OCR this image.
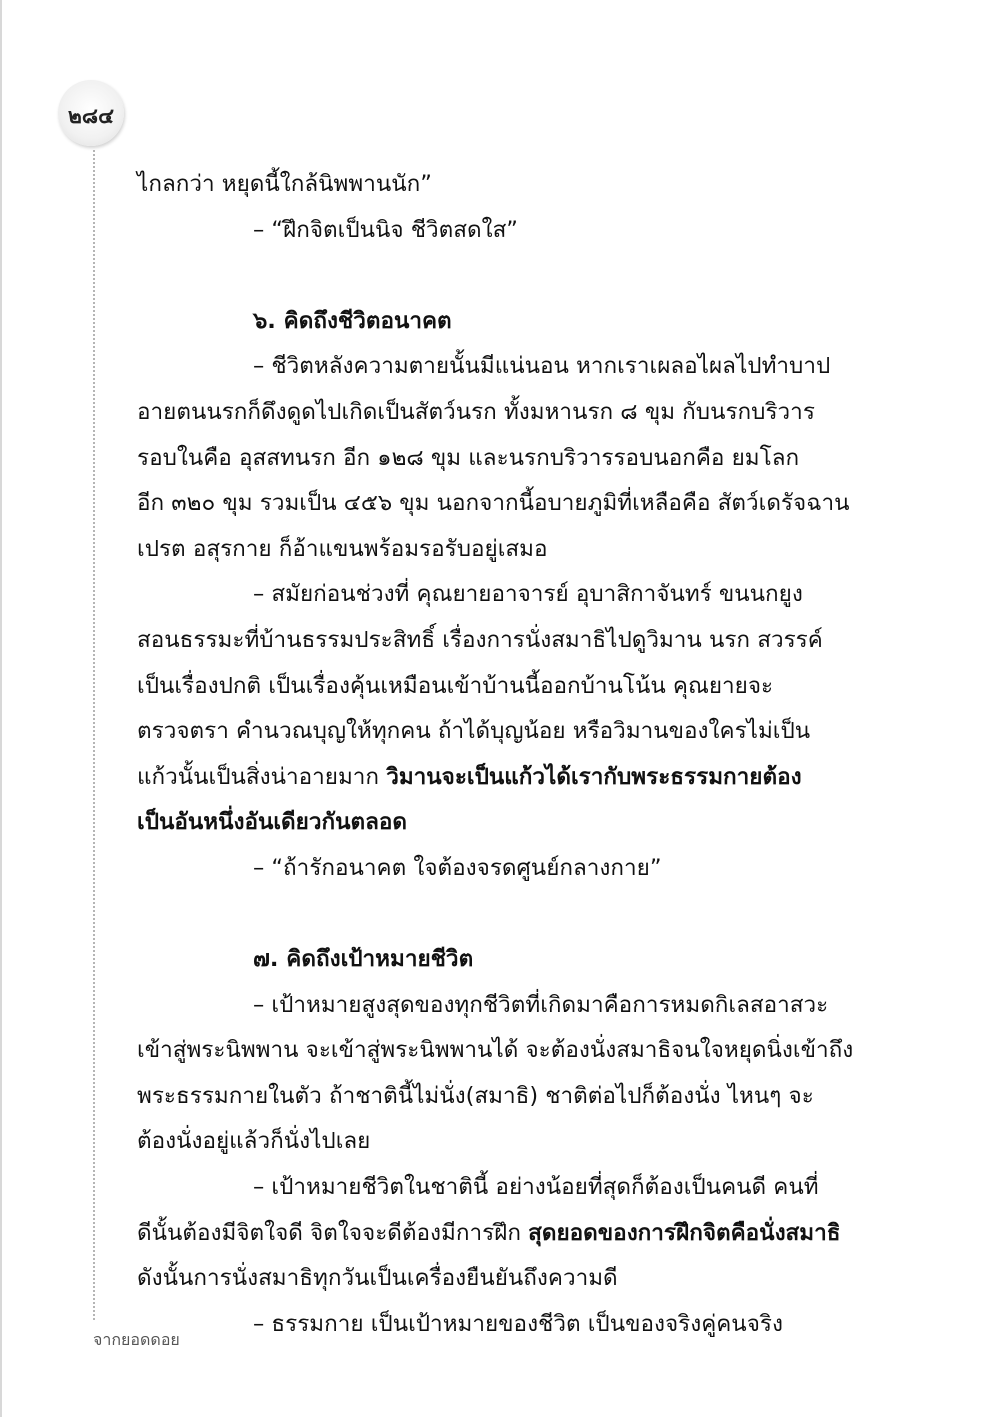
๒๘๔
ไกลกว่า หยุดนี้ใกล้นิพพานนัก”
– “ฝึกจิตเป็นนิจ ชีวิตสดใส”
๖. คิดถึงชีวิตอนาคต
– ชีวิตหลังความตายนั้นมีแน่นอน หากเราเผลอไผลไปทำบาป
อายตนนรกก็ดึงดูดไปเกิดเป็นสัตว์นรก ทั้งมหานรก ๘ ขุม กับนรกบริวาร
รอบในคือ อุสสทนรก อีก ๑๒๘ ขุม และนรกบริวารรอบนอกคือ ยมโลก
อีก ๓๒๐ ขุม รวมเป็น ๔๕๖ ขุม นอกจากนี้อบายภูมิที่เหลือคือ สัตว์เดรัจฉาน
เปรต อสุรกาย ก็อ้าแขนพร้อมรอรับอยู่เสมอ
– สมัยก่อนช่วงที่ คุณยายอาจารย์ อุบาสิกาจันทร์ ขนนกยูง
สอนธรรมะที่บ้านธรรมประสิทธิ์ เรื่องการนั่งสมาธิไปดูวิมาน นรก สวรรค์
เป็นเรื่องปกติ เป็นเรื่องคุ้นเหมือนเข้าบ้านนี้ออกบ้านโน้น คุณยายจะ
ตรวจตรา คำนวณบุญให้ทุกคน ถ้าได้บุญน้อย หรือวิมานของใครไม่เป็น
แก้วนั้นเป็นสิ่งน่าอายมาก วิมานจะเป็นแก้วได้เรากับพระธรรมกายต้อง
เป็นอันหนึ่งอันเดียวกันตลอด
– “ถ้ารักอนาคต ใจต้องจรดศูนย์กลางกาย”
๗. คิดถึงเป้าหมายชีวิต
– เป้าหมายสูงสุดของทุกชีวิตที่เกิดมาคือการหมดกิเลสอาสวะ
เข้าสู่พระนิพพาน จะเข้าสู่พระนิพพานได้ จะต้องนั่งสมาธิจนใจหยุดนิ่งเข้าถึง
พระธรรมกายในตัว ถ้าชาตินี้ไม่นั่ง(สมาธิ) ชาติต่อไปก็ต้องนั่ง ไหนๆ จะ
ต้องนั่งอยู่แล้วก็นั่งไปเลย
– เป้าหมายชีวิตในชาตินี้ อย่างน้อยที่สุดก็ต้องเป็นคนดี คนที่
ดีนั้นต้องมีจิตใจดี จิตใจจะดีต้องมีการฝึก สุดยอดของการฝึกจิตคือนั่งสมาธิ
ดังนั้นการนั่งสมาธิทุกวันเป็นเครื่องยืนยันถึงความดี
– ธรรมกาย เป็นเป้าหมายของชีวิต เป็นของจริงคู่คนจริง
จากยอดดอย
